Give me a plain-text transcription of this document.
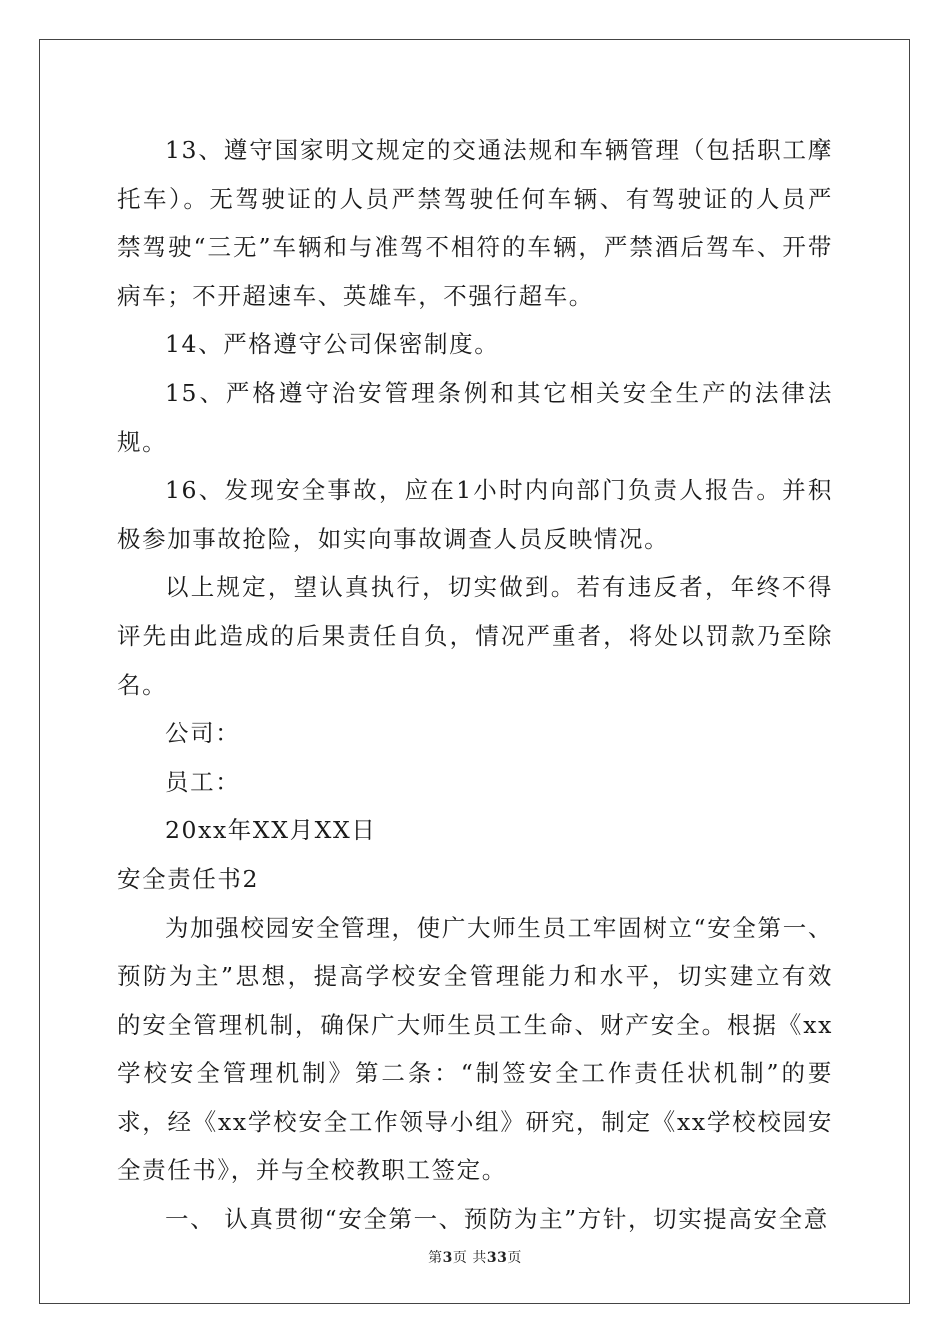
13、遵守国家明文规定的交通法规和车辆管理（包括职工摩托车）。无驾驶证的人员严禁驾驶任何车辆、有驾驶证的人员严禁驾驶“三无”车辆和与准驾不相符的车辆，严禁酒后驾车、开带病车；不开超速车、英雄车，不强行超车。

14、严格遵守公司保密制度。

15、严格遵守治安管理条例和其它相关安全生产的法律法规。

16、发现安全事故，应在1小时内向部门负责人报告。并积极参加事故抢险，如实向事故调查人员反映情况。

以上规定，望认真执行，切实做到。若有违反者，年终不得评先由此造成的后果责任自负，情况严重者，将处以罚款乃至除名。

公司：

员工：

20xx年XX月XX日

安全责任书2

为加强校园安全管理，使广大师生员工牢固树立“安全第一、预防为主”思想，提高学校安全管理能力和水平，切实建立有效的安全管理机制，确保广大师生员工生命、财产安全。根据《xx学校安全管理机制》第二条：“制签安全工作责任状机制”的要求，经《xx学校安全工作领导小组》研究，制定《xx学校校园安全责任书》，并与全校教职工签定。

一、 认真贯彻“安全第一、预防为主”方针，切实提高安全意

第3页 共33页
